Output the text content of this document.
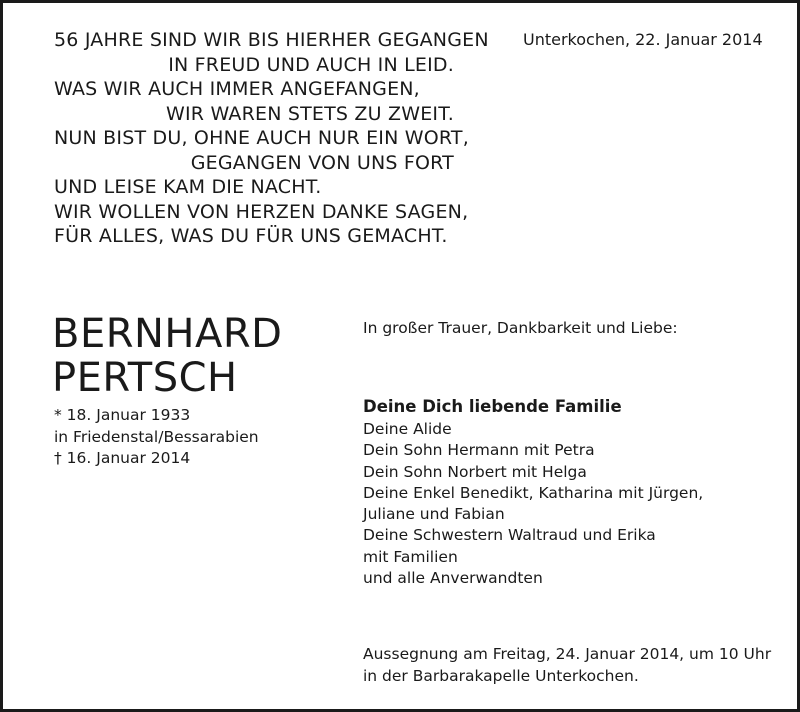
56 JAHRE SIND WIR BIS HIERHER GEGANGEN
IN FREUD UND AUCH IN LEID.
WAS WIR AUCH IMMER ANGEFANGEN,
WIR WAREN STETS ZU ZWEIT.
NUN BIST DU, OHNE AUCH NUR EIN WORT,
GEGANGEN VON UNS FORT
UND LEISE KAM DIE NACHT.
WIR WOLLEN VON HERZEN DANKE SAGEN,
FÜR ALLES, WAS DU FÜR UNS GEMACHT.
Unterkochen, 22. Januar 2014
BERNHARD
PERTSCH
* 18. Januar 1933
in Friedenstal/Bessarabien
† 16. Januar 2014
In großer Trauer, Dankbarkeit und Liebe:
Deine Dich liebende Familie
Deine Alide
Dein Sohn Hermann mit Petra
Dein Sohn Norbert mit Helga
Deine Enkel Benedikt, Katharina mit Jürgen,
Juliane und Fabian
Deine Schwestern Waltraud und Erika
mit Familien
und alle Anverwandten
Aussegnung am Freitag, 24. Januar 2014, um 10 Uhr
in der Barbarakapelle Unterkochen.
